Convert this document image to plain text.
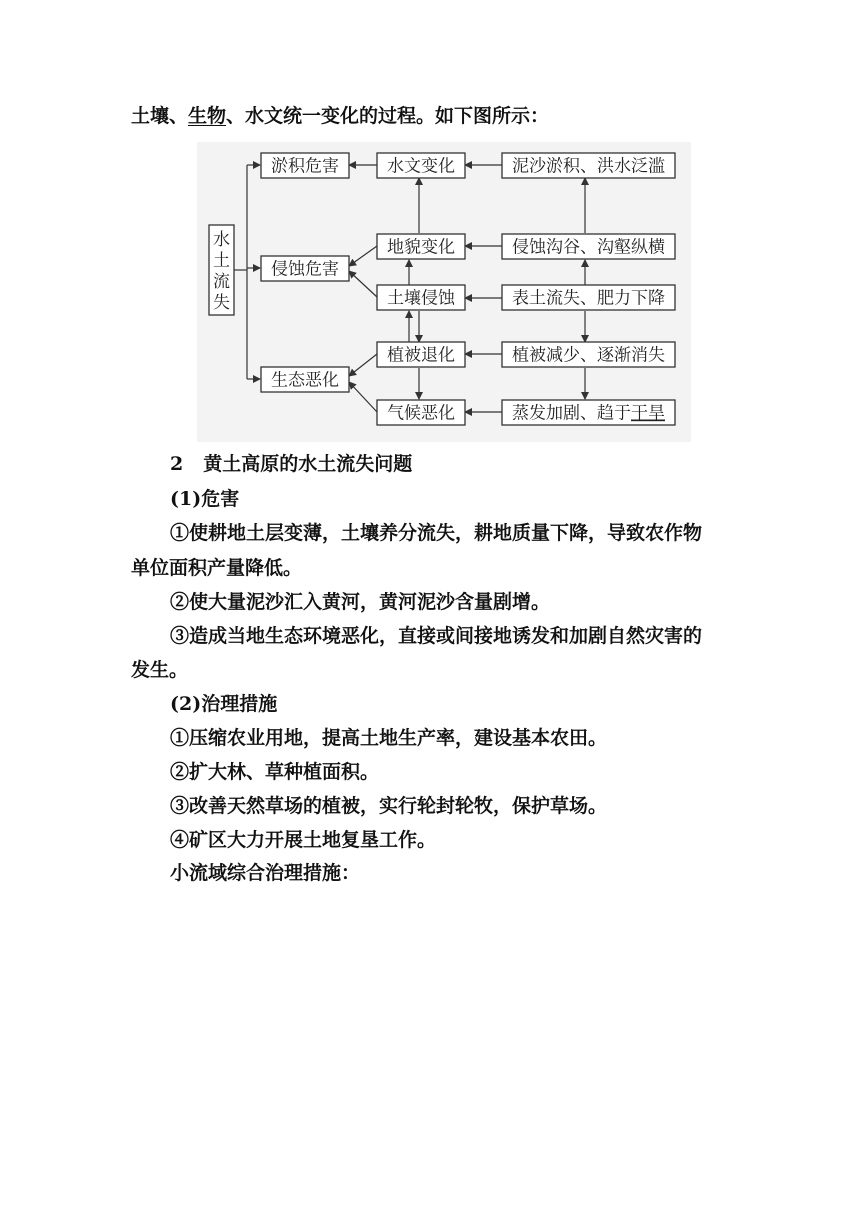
土壤、生物、水文统一变化的过程。如下图所示：
水土流失
淤积危害
侵蚀危害
生态恶化
水文变化
地貌变化
土壤侵蚀
植被退化
气候恶化
泥沙淤积、洪水泛滥
侵蚀沟谷、沟壑纵横
表土流失、肥力下降
植被减少、逐渐消失
蒸发加剧、趋于干旱
2 黄土高原的水土流失问题
(1)危害
①使耕地土层变薄，土壤养分流失，耕地质量下降，导致农作物
单位面积产量降低。
②使大量泥沙汇入黄河，黄河泥沙含量剧增。
③造成当地生态环境恶化，直接或间接地诱发和加剧自然灾害的
发生。
(2)治理措施
①压缩农业用地，提高土地生产率，建设基本农田。
②扩大林、草种植面积。
③改善天然草场的植被，实行轮封轮牧，保护草场。
④矿区大力开展土地复垦工作。
小流域综合治理措施：
